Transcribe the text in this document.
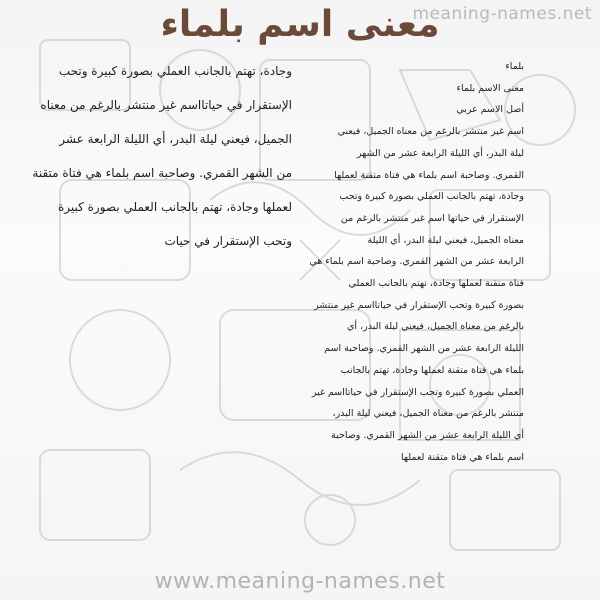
meaning-names.net
معنى اسم بلماء

وجادة، تهتم بالجانب العملي بصورة كبيرة وتحب

الإستقرار في حياتااسم غير منتشر بالرغم من معناه

الجميل، فيعني ليلة البدر، أي الليلة الرابعة عشر

من الشهر القمري. وصاحبة اسم بلماء هي فتاة متقنة

لعملها وجادة، تهتم بالجانب العملي بصورة كبيرة

وتحب الإستقرار في حيات

بلماء

معنى الاسم بلماء

أصل الاسم عربي

اسم غير منتشر بالرغم من معناه الجميل، فيعني

ليلة البدر، أي الليلة الرابعة عشر من الشهر

القمري. وصاحبة اسم بلماء هي فتاة متقنة لعملها

وجادة، تهتم بالجانب العملي بصورة كبيرة وتحب

الإستقرار في حياتها اسم غير منتشر بالرغم من

معناه الجميل، فيعني ليلة البدر، أي الليلة

الرابعة عشر من الشهر القمري. وصاحبة اسم بلماء هي

فتاة متقنة لعملها وجادة، تهتم بالجانب العملي

بصورة كبيرة وتحب الإستقرار في حياتااسم غير منتشر

بالرغم من معناه الجميل، فيعني ليلة البدر، أي

الليلة الرابعة عشر من الشهر القمري. وصاحبة اسم

بلماء هي فتاة متقنة لعملها وجادة، تهتم بالجانب

العملي بصورة كبيرة وتحب الإستقرار في حياتااسم غير

منتشر بالرغم من معناه الجميل، فيعني ليلة البدر،

أي الليلة الرابعة عشر من الشهر القمري. وصاحبة

اسم بلماء هي فتاة متقنة لعملها

www.meaning-names.net
